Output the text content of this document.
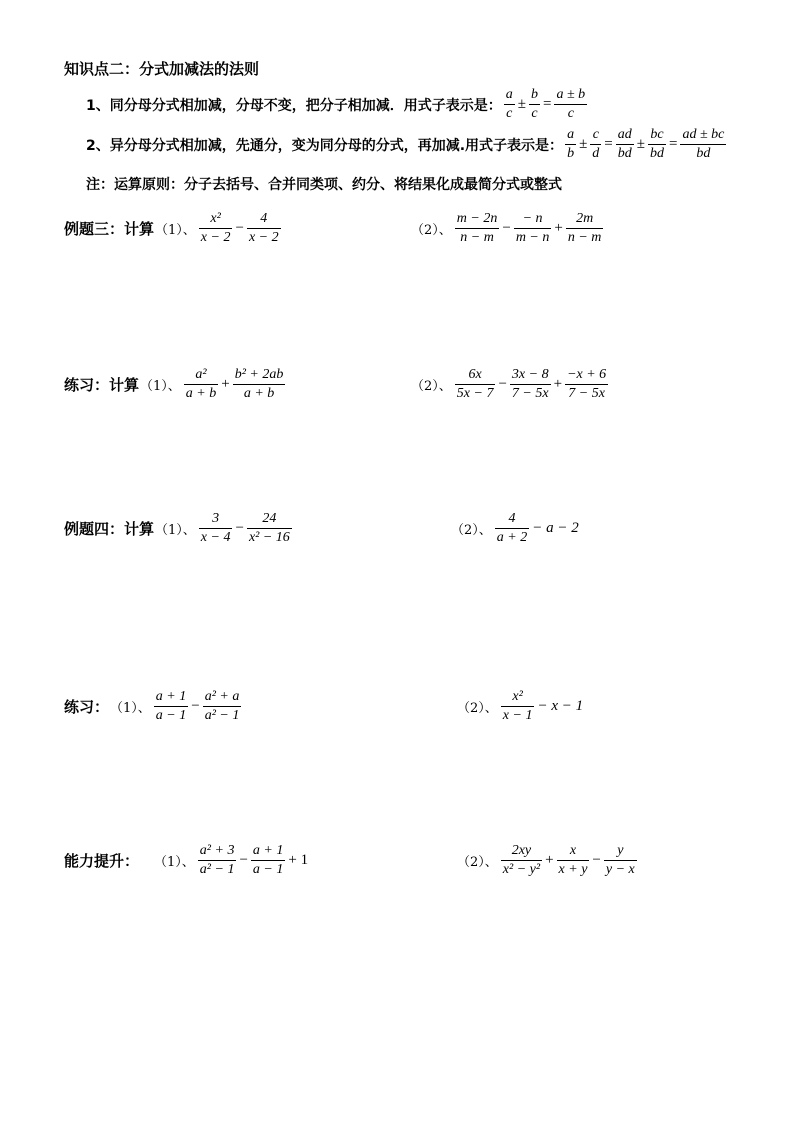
知识点二：分式加减法的法则
1、同分母分式相加减，分母不变，把分子相加减．用式子表示是： $\frac{a}{c} \pm \frac{b}{c} = \frac{a \pm b}{c}$
2、异分母分式相加减，先通分，变为同分母的分式，再加减.用式子表示是： $\frac{a}{b} \pm \frac{c}{d} = \frac{ad}{bd} \pm \frac{bc}{bd} = \frac{ad \pm bc}{bd}$
注：运算原则：分子去括号、合并同类项、约分、将结果化成最简分式或整式
例题三：计算 （1）、 $\frac{\text{x²}}{x - 2} - \frac{4}{x - 2}$	（2）、 $\frac{m - 2n}{n - m} - \frac{- n}{m - n} + \frac{2m}{n - m}$
练习：计算 （1）、 $\frac{\text{a²}}{a + b} + \frac{\text{b² + 2ab}}{a + b}$	（2）、 $\frac{6x}{5x - 7} - \frac{3x - 8}{7 - 5x} + \frac{-x + 6}{7 - 5x}$
例题四：计算 （1）、 $\frac{3}{x - 4} - \frac{24}{\text{x² − 16}}$	（2）、 $\frac{4}{a + 2} - a - 2$
练习： （1）、 $\frac{a + 1}{a - 1} - \frac{\text{a² + a}}{\text{a² − 1}}$	（2）、 $\frac{\text{x²}}{x - 1} - x - 1$
能力提升： （1）、 $\frac{\text{a² + 3}}{\text{a² − 1}} - \frac{a + 1}{a - 1} + 1$	（2）、 $\frac{2xy}{\text{x² − y²}} + \frac{x}{x + y} - \frac{y}{y - x}$
